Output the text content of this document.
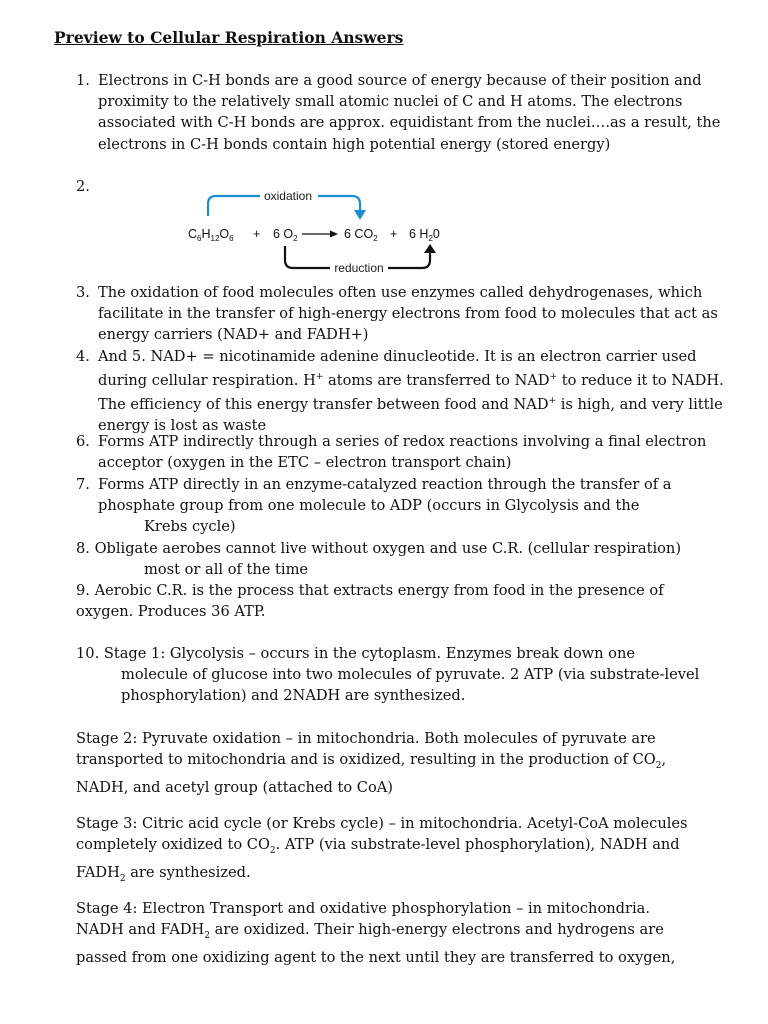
Preview to Cellular Respiration Answers
1. Electrons in C-H bonds are a good source of energy because of their position and proximity to the relatively small atomic nuclei of C and H atoms. The electrons associated with C-H bonds are approx. equidistant from the nuclei….as a result, the electrons in C-H bonds contain high potential energy (stored energy)
2.
oxidation
$C_6H_{12}O_6 + 6$ $O_2$	6 $CO_2 + 6$ $H_20$
reduction
3. The oxidation of food molecules often use enzymes called dehydrogenases, which facilitate in the transfer of high-energy electrons from food to molecules that act as energy carriers (NAD+ and FADH+)
4. And 5. NAD+ = nicotinamide adenine dinucleotide. It is an electron carrier used during cellular respiration. H+ atoms are transferred to NAD+ to reduce it to NADH. The efficiency of this energy transfer between food and NAD+ is high, and very little energy is lost as waste
6. Forms ATP indirectly through a series of redox reactions involving a final electron acceptor (oxygen in the ETC – electron transport chain)
7. Forms ATP directly in an enzyme-catalyzed reaction through the transfer of a phosphate group from one molecule to ADP (occurs in Glycolysis and the
Krebs cycle)
8. Obligate aerobes cannot live without oxygen and use C.R. (cellular respiration)
most or all of the time
9. Aerobic C.R. is the process that extracts energy from food in the presence of oxygen. Produces 36 ATP.
10. Stage 1: Glycolysis – occurs in the cytoplasm. Enzymes break down one
molecule of glucose into two molecules of pyruvate. 2 ATP (via substrate-level phosphorylation) and 2NADH are synthesized.
Stage 2: Pyruvate oxidation – in mitochondria. Both molecules of pyruvate are transported to mitochondria and is oxidized, resulting in the production of $CO_2$, NADH, and acetyl group (attached to CoA)
Stage 3: Citric acid cycle (or Krebs cycle) – in mitochondria. Acetyl-CoA molecules completely oxidized to $CO_2$. ATP (via substrate-level phosphorylation), NADH and $FADH_2$ are synthesized.
Stage 4: Electron Transport and oxidative phosphorylation – in mitochondria. NADH and $FADH_2$ are oxidized. Their high-energy electrons and hydrogens are passed from one oxidizing agent to the next until they are transferred to oxygen,
